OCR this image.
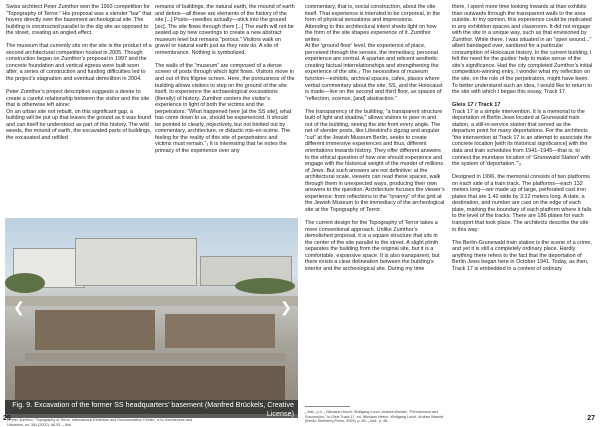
Swiss architect Peter Zumthor won the 1993 competition for “Topography of Terror.” His proposal was a slender “bar” that hovers directly over the basement archeological site. The building is constructed parallel to the dig site as opposed to the street, creating an angled effect.

The museum that currently sits on the site is the product of a second architectural competition hosted in 2005. Though construction began on Zumthor’s proposal in 1997 and the concrete foundation and vertical egress were built soon after, a series of construction and funding difficulties led to the project’s stagnation and eventual demolition in 2004.

Peter Zumthor’s project description suggests a desire to create a careful relationship between the visitor and the site that is otherwise left alone:

On an urban site not rebuilt, on this significant gap, a building will be put up that leaves the ground as it was found and can itself be understood as part of this history. The wild weeds, the mound of earth, the excavated parts of buildings, the excavated and refilled

remains of buildings, the natural earth, the mound of earth and debris—all these are elements of the history of the site [...] Posts—needles actually—stick into the ground [sic]. The site flows through them [...] The earth will not be sealed up by new coverings to create a new abstract museum level but remains “porous.” Visitors walk on gravel or natural earth just as they now do. A site of remembrance. Nothing is symbolized.

The walls of the “museum” are composed of a dense screen of posts through which light flows. Visitors move in and out of this filigree screen. Here, the porousness of the building allows visitors to step on the ground of the site itself, to experience the archaeological excavations (literally) of history. Zumthor centers the visitor’s experience in light of both the victims and the perpetrators: “What happened here [at the SS site], what has come down to us, should be experienced. It should be pointed to clearly, objectively, but not blotted out by commentary, architecture, or didactic mis-en-scène. The feeling for the reality of this site of perpetrators and victims must remain.”₁ It is interesting that he notes the primacy of the experience over any

commentary, that is, social construction, about the site itself. That experience is intended to be corporeal, in the form of physical sensations and impressions.

Attending to this architectural intent sheds light on how the form of the site shapes experience of it. Zumthor writes:

At the ‘ground floor’ level, the experience of place, perceived through the senses, the immediacy, personal experience are central. A spartan and reticent aesthetic creating factual interrelationships and strengthening the experience of the site.₂ The necessities of museum function—exhibits, archival spaces, cafes, places where verbal commentary about the site, SS, and the Holocaust is made—live on the second and third floor, as spaces of “reflection, science, [and] abstraction.”

The transparency of the building, “a transparent structure built of light and shadow,” allows visitors to peer in and out of the building, seeing the site from every angle. The net of slender posts, like Libeskind’s zigzag and angular “cut” at the Jewish Museum Berlin, seeks to create different immersive experiences and thus, different orientations towards history. They offer different answers to the ethical question of how one should experience and engage with the historical weight of the murder of millions of Jews. But such answers are not definitive: at the architectural scale, viewers can read these spaces, walk through them in unexpected ways, producing their own answers to the question. Architecture focuses the viewer’s experience: from reflections to the “tyranny” of the grid at the Jewish Museum to the immediacy of the archeological site at the Topography of Terror.

The current design for the Topography of Terror takes a more conventional approach. Unlike Zumthor’s demolished proposal, it is a square structure that sits in the center of the site parallel to the street. A slight plinth separates the building from the original site, but it is a comfortable, expansive space. It is also transparent, but there exists a clear delineation between the building’s interior and the archeological site. During my time

there, I spent more time looking inwards at than exhibits than outwards through the transparent walls to the area outside. In my opinion, this experience could be replicated in any exhibition spaces and classroom. It did not engage with the site in a unique way, such as that envisioned by Zumthor. While there, I was situated in an “open wound...” albeit bandaged over, sanitized for a particular consumption of Holocaust history. In the current building, I felt the need for the guides’ help to make sense of the site’s significance. Had the city completed Zumthor’s initial competition-winning entry, I wonder what my reflection on the site, on the role of the perpetrators, might have been. To better understand such an idea, I would like to return to the site with which I began this essay, Track 17.

Gleis 17 / Track 17

Track 17 is a simple intervention. It is a memorial to the deportation of Berlin Jews located at Grunewald train station, a still-in-service station that served as the departure point for many deportations. For the architects “the intervention at Track 17 is an attempt to associate the concrete location [with its historical significance] with the data and train schedules from 1941–1945—that is, to connect the mundane location of ‘Grunewald Station’ with the system of ‘deportation.’”₃

Designed in 1996, the memorial consists of two platforms on each side of a train track. The platforms—each 132 meters long—are made up of large, perforated cast iron plates that are 1.42 wide by 3.12 meters long. A date, a destination, and number are cast on the edge of each plate, marking the boundary of each platform where it falls to the level of the tracks. There are 186 plates for each transport that took place. The architects describe the site in this way:

The Berlin-Grunewald train station is the scene of a crime, and yet it is still a completely ordinary place. Hardly anything there refers to the fact that the deportation of Berlin Jews began here in October 1941. Today, as then, Track 17 is embedded in a context of ordinary

❮	❯
Fig. 9. Excavation of the former SS headquarters’ basement (Manfred Brückels, Creative License)
₁ Peter Zumthor, “Topography of Terror, International Exhibition and Documentation Center,” a+u: Architecture and Urbanism, no. 384 (2002): 88-93. ₂ Ibid.
₃ Ibid., p.4. ₄ Nikolaus Hirsch, Wolfgang Lorch, Andrea Wandel, “Permanence and Succession,” in Gleis Track 17, ed. Nikolaus Hirsch, Wolfgang Lorch, Andrea Wandel (Berlin: Steinberg Press, 2009), p. 85. ₅ Ibid., p. 86.
26	27
